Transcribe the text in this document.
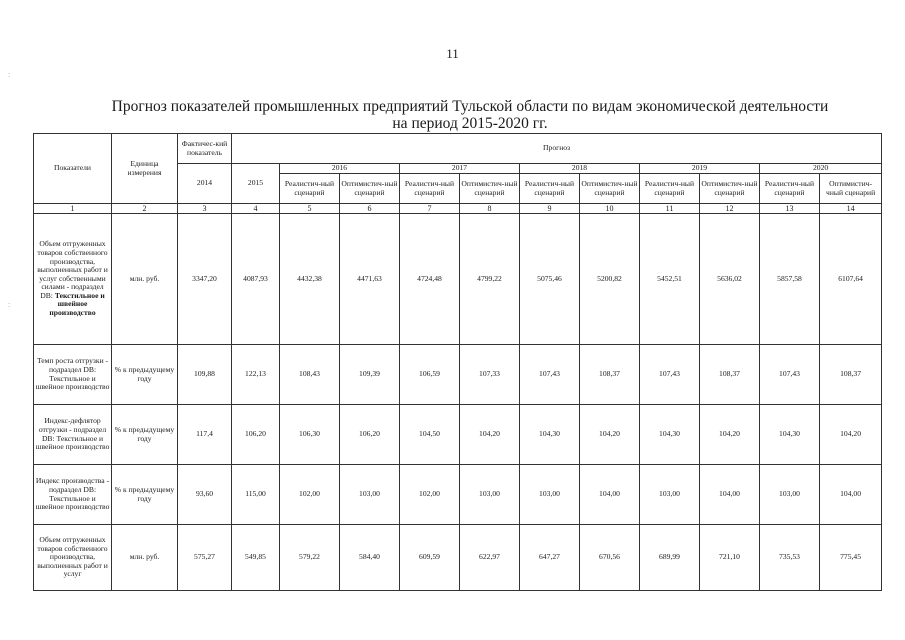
11
Прогноз показателей промышленных предприятий Тульской области по видам экономической деятельности
на период 2015-2020 гг.
:
:
Показатели	Единица измерения	Фактичес-кий показатель	Прогноз										
		2014	2015	2016		2017		2018		2019		2020	
				Реалистич-ный сценарий	Оптимистич-ный сценарий	Реалистич-ный сценарий	Оптимистич-ный сценарий	Реалистич-ный сценарий	Оптимистич-ный сценарий	Реалистич-ный сценарий	Оптимистич-ный сценарий	Реалистич-ный сценарий	Оптимистич-чный сценарий
1	2	3	4	5	6	7	8	9	10	11	12	13	14
Объем отгруженных товаров собственного производства, выполненных работ и услуг собственными силами - подраздел DB: Текстильное и швейное производство	млн. руб.	3347,20	4087,93	4432,38	4471,63	4724,48	4799,22	5075,46	5200,82	5452,51	5636,02	5857,58	6107,64
Темп роста отгрузки - подраздел DB: Текстильное и швейное производство	% к предыдущему году	109,88	122,13	108,43	109,39	106,59	107,33	107,43	108,37	107,43	108,37	107,43	108,37
Индекс-дефлятор отгрузки - подраздел DB: Текстильное и швейное производство	% к предыдущему году	117,4	106,20	106,30	106,20	104,50	104,20	104,30	104,20	104,30	104,20	104,30	104,20
Индекс производства - подраздел DB: Текстильное и швейное производство	% к предыдущему году	93,60	115,00	102,00	103,00	102,00	103,00	103,00	104,00	103,00	104,00	103,00	104,00
Объем отгруженных товаров собственного производства, выполненных работ и услуг	млн. руб.	575,27	549,85	579,22	584,40	609,59	622,97	647,27	670,56	689,99	721,10	735,53	775,45
